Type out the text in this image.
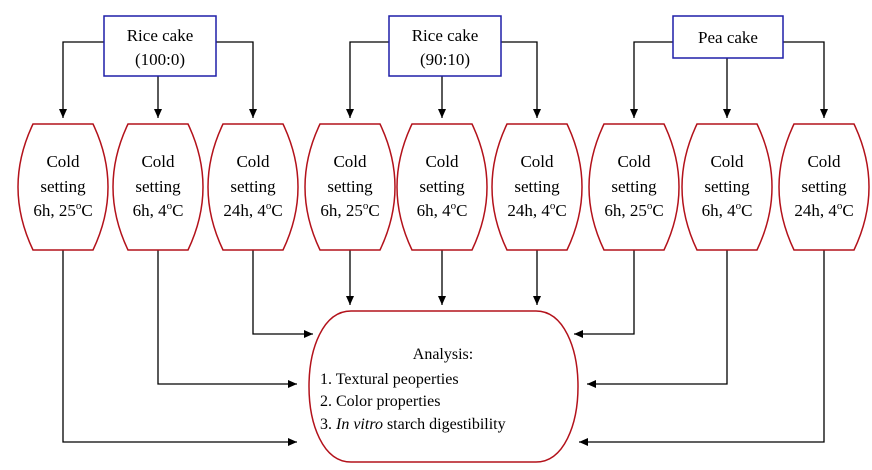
Rice cake
(100:0)
Rice cake
(90:10)
Pea cake
Cold
setting
6h, 25$^o$C
Cold
setting
6h, 4$^o$C
Cold
setting
24h, 4$^o$C
Cold
setting
6h, 25$^o$C
Cold
setting
6h, 4$^o$C
Cold
setting
24h, 4$^o$C
Cold
setting
6h, 25$^o$C
Cold
setting
6h, 4$^o$C
Cold
setting
24h, 4$^o$C
Analysis:
1. Textural peoperties
2. Color properties
3. In vitro starch digestibility
